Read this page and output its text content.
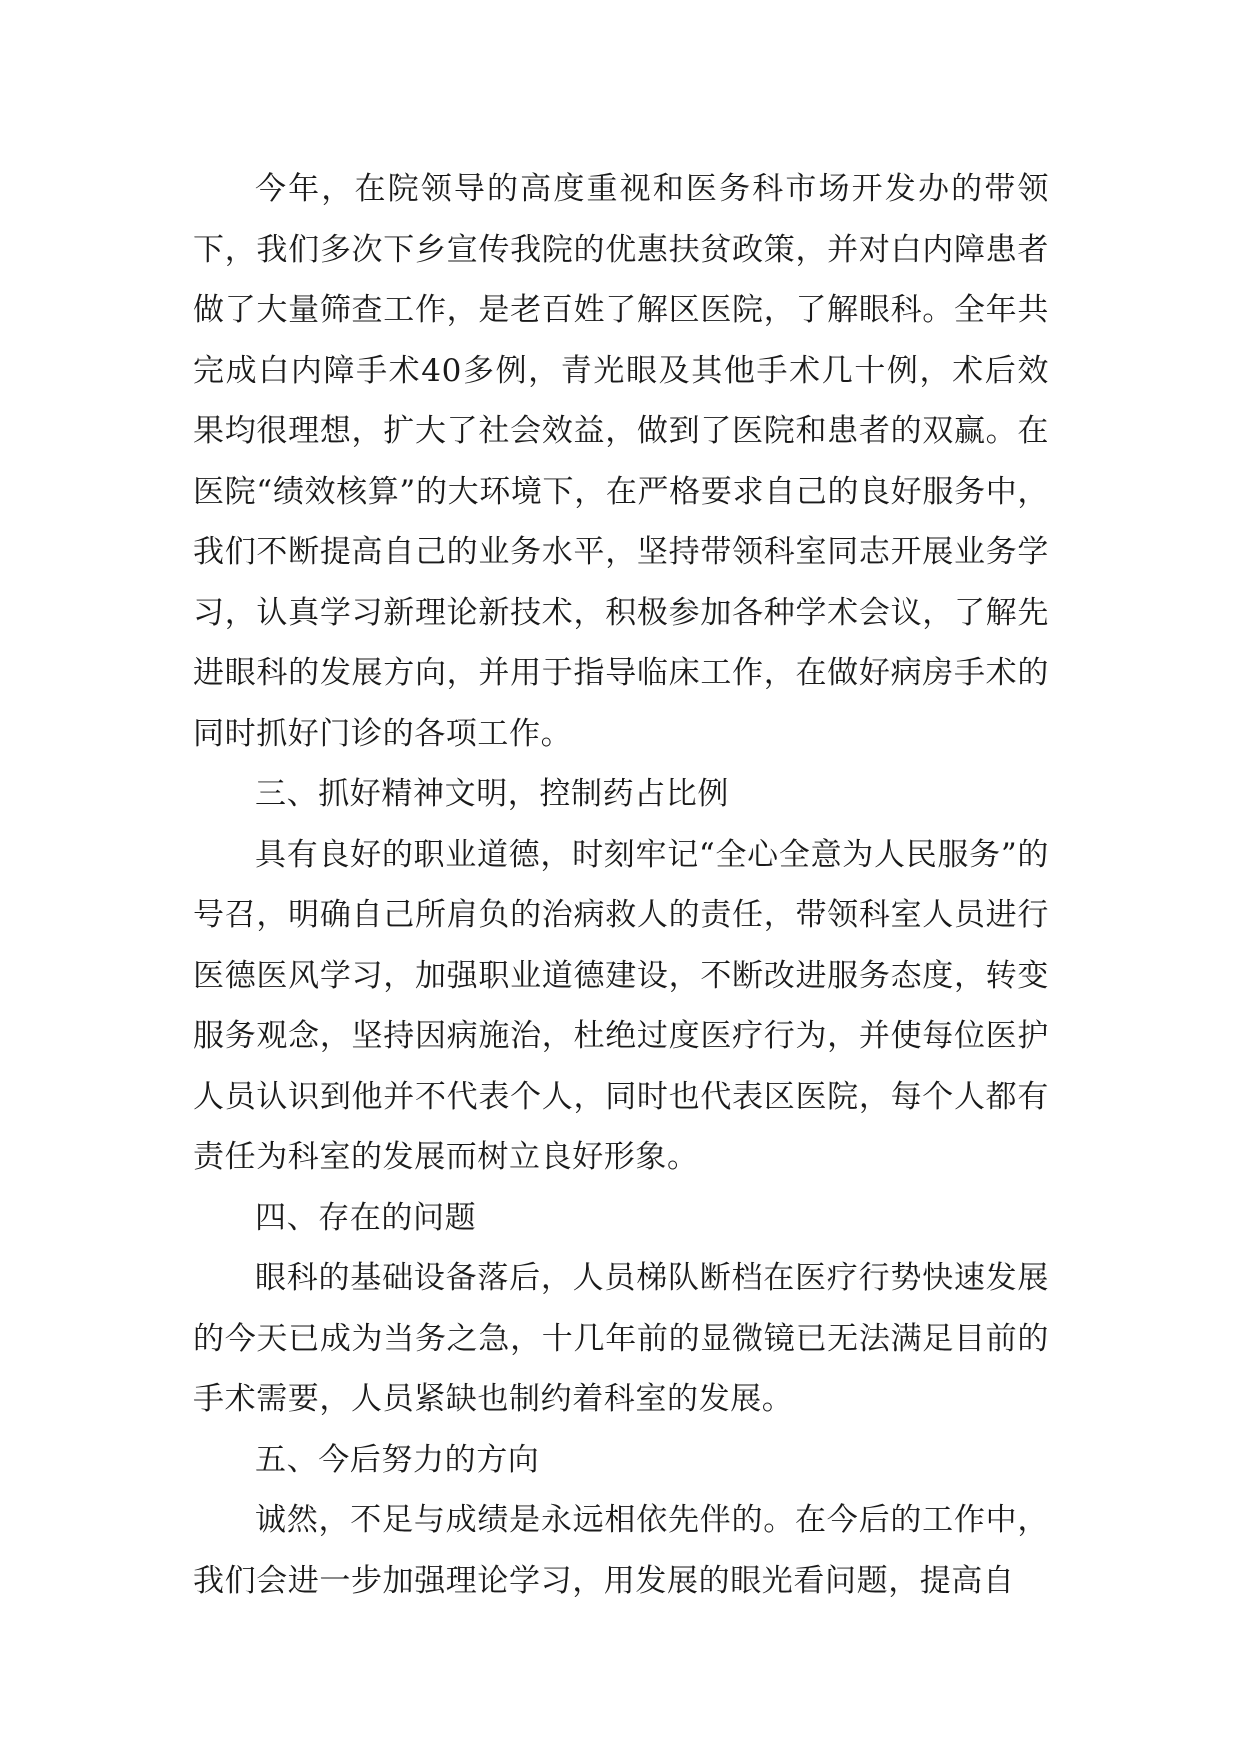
今年，在院领导的高度重视和医务科市场开发办的带领下，我们多次下乡宣传我院的优惠扶贫政策，并对白内障患者做了大量筛查工作，是老百姓了解区医院，了解眼科。全年共完成白内障手术40多例，青光眼及其他手术几十例，术后效果均很理想，扩大了社会效益，做到了医院和患者的双赢。在医院“绩效核算”的大环境下，在严格要求自己的良好服务中，我们不断提高自己的业务水平，坚持带领科室同志开展业务学习，认真学习新理论新技术，积极参加各种学术会议，了解先进眼科的发展方向，并用于指导临床工作，在做好病房手术的同时抓好门诊的各项工作。

三、抓好精神文明，控制药占比例

具有良好的职业道德，时刻牢记“全心全意为人民服务”的号召，明确自己所肩负的治病救人的责任，带领科室人员进行医德医风学习，加强职业道德建设，不断改进服务态度，转变服务观念，坚持因病施治，杜绝过度医疗行为，并使每位医护人员认识到他并不代表个人，同时也代表区医院，每个人都有责任为科室的发展而树立良好形象。

四、存在的问题

眼科的基础设备落后，人员梯队断档在医疗行势快速发展的今天已成为当务之急，十几年前的显微镜已无法满足目前的手术需要，人员紧缺也制约着科室的发展。

五、今后努力的方向

诚然，不足与成绩是永远相依先伴的。在今后的工作中，我们会进一步加强理论学习，用发展的眼光看问题，提高自
